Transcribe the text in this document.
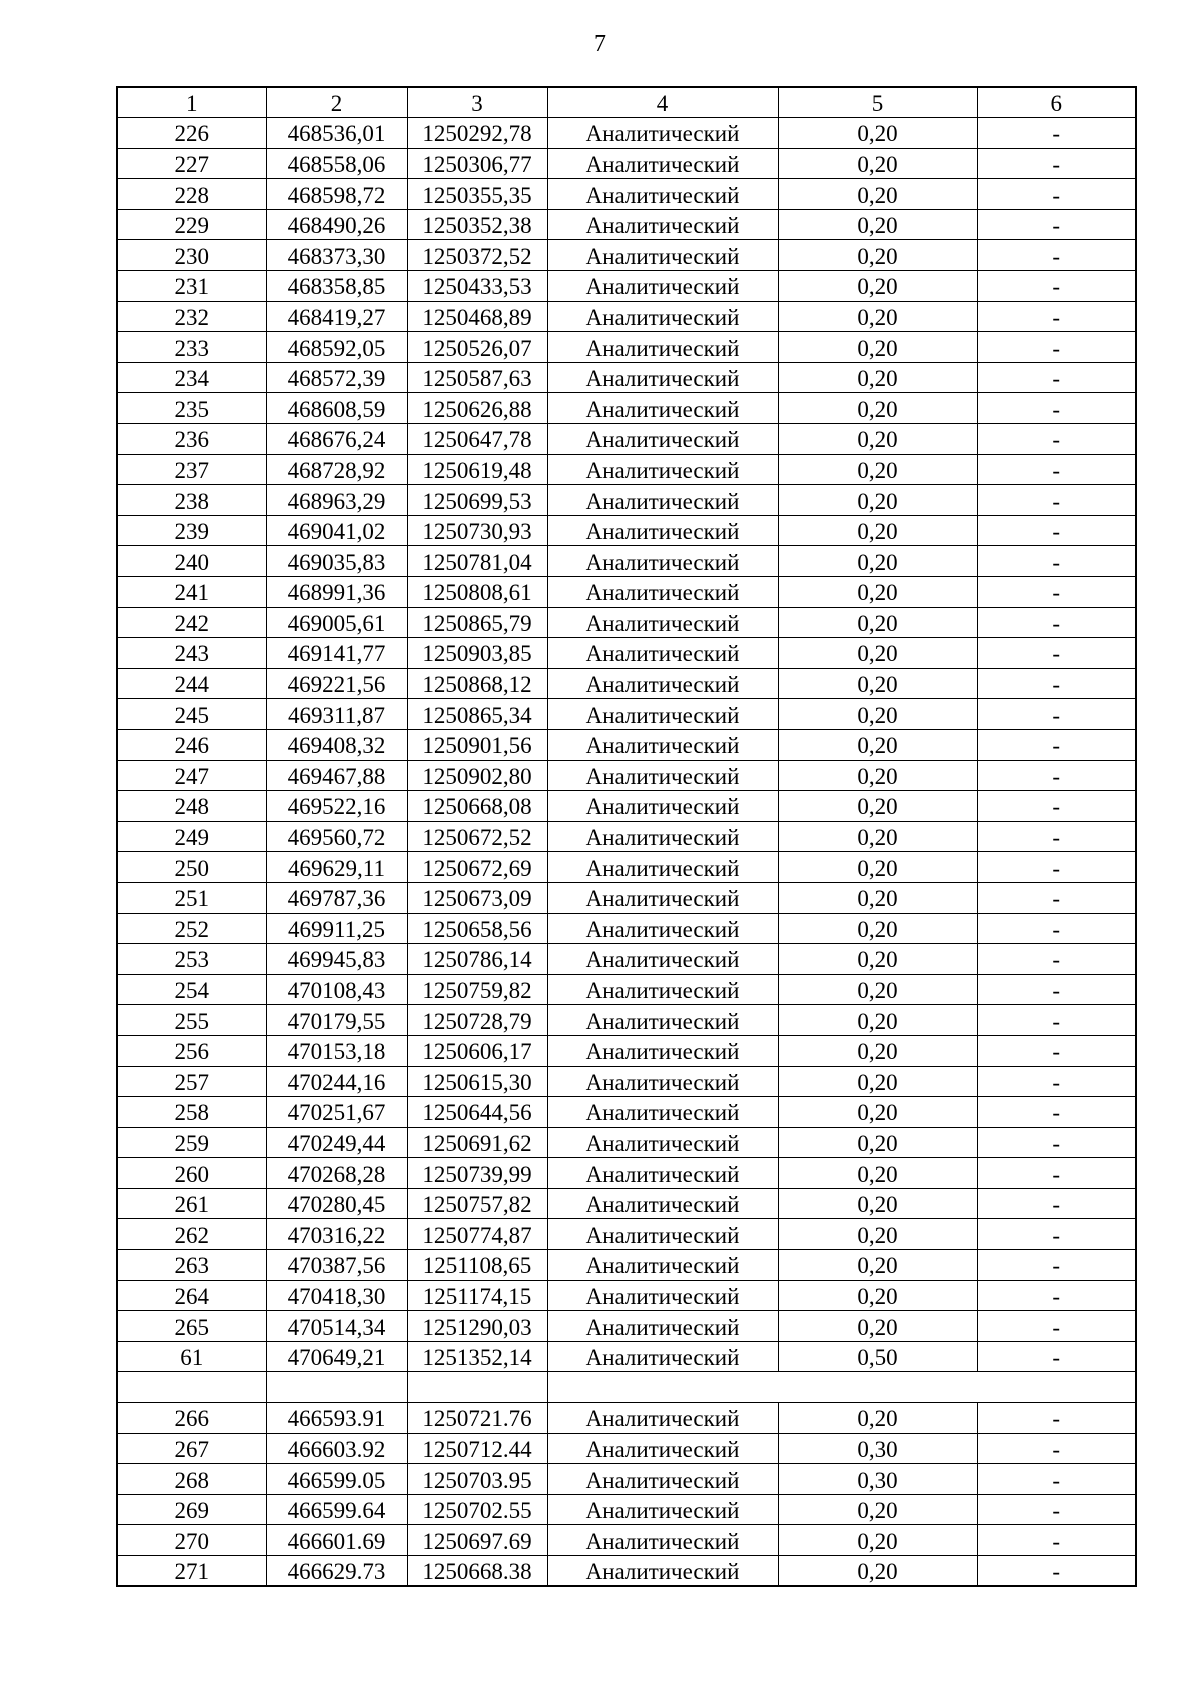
7
1	2	3	4	5	6
226	468536,01	1250292,78	Аналитический	0,20	-
227	468558,06	1250306,77	Аналитический	0,20	-
228	468598,72	1250355,35	Аналитический	0,20	-
229	468490,26	1250352,38	Аналитический	0,20	-
230	468373,30	1250372,52	Аналитический	0,20	-
231	468358,85	1250433,53	Аналитический	0,20	-
232	468419,27	1250468,89	Аналитический	0,20	-
233	468592,05	1250526,07	Аналитический	0,20	-
234	468572,39	1250587,63	Аналитический	0,20	-
235	468608,59	1250626,88	Аналитический	0,20	-
236	468676,24	1250647,78	Аналитический	0,20	-
237	468728,92	1250619,48	Аналитический	0,20	-
238	468963,29	1250699,53	Аналитический	0,20	-
239	469041,02	1250730,93	Аналитический	0,20	-
240	469035,83	1250781,04	Аналитический	0,20	-
241	468991,36	1250808,61	Аналитический	0,20	-
242	469005,61	1250865,79	Аналитический	0,20	-
243	469141,77	1250903,85	Аналитический	0,20	-
244	469221,56	1250868,12	Аналитический	0,20	-
245	469311,87	1250865,34	Аналитический	0,20	-
246	469408,32	1250901,56	Аналитический	0,20	-
247	469467,88	1250902,80	Аналитический	0,20	-
248	469522,16	1250668,08	Аналитический	0,20	-
249	469560,72	1250672,52	Аналитический	0,20	-
250	469629,11	1250672,69	Аналитический	0,20	-
251	469787,36	1250673,09	Аналитический	0,20	-
252	469911,25	1250658,56	Аналитический	0,20	-
253	469945,83	1250786,14	Аналитический	0,20	-
254	470108,43	1250759,82	Аналитический	0,20	-
255	470179,55	1250728,79	Аналитический	0,20	-
256	470153,18	1250606,17	Аналитический	0,20	-
257	470244,16	1250615,30	Аналитический	0,20	-
258	470251,67	1250644,56	Аналитический	0,20	-
259	470249,44	1250691,62	Аналитический	0,20	-
260	470268,28	1250739,99	Аналитический	0,20	-
261	470280,45	1250757,82	Аналитический	0,20	-
262	470316,22	1250774,87	Аналитический	0,20	-
263	470387,56	1251108,65	Аналитический	0,20	-
264	470418,30	1251174,15	Аналитический	0,20	-
265	470514,34	1251290,03	Аналитический	0,20	-
61	470649,21	1251352,14	Аналитический	0,50	-

266	466593.91	1250721.76	Аналитический	0,20	-
267	466603.92	1250712.44	Аналитический	0,30	-
268	466599.05	1250703.95	Аналитический	0,30	-
269	466599.64	1250702.55	Аналитический	0,20	-
270	466601.69	1250697.69	Аналитический	0,20	-
271	466629.73	1250668.38	Аналитический	0,20	-
